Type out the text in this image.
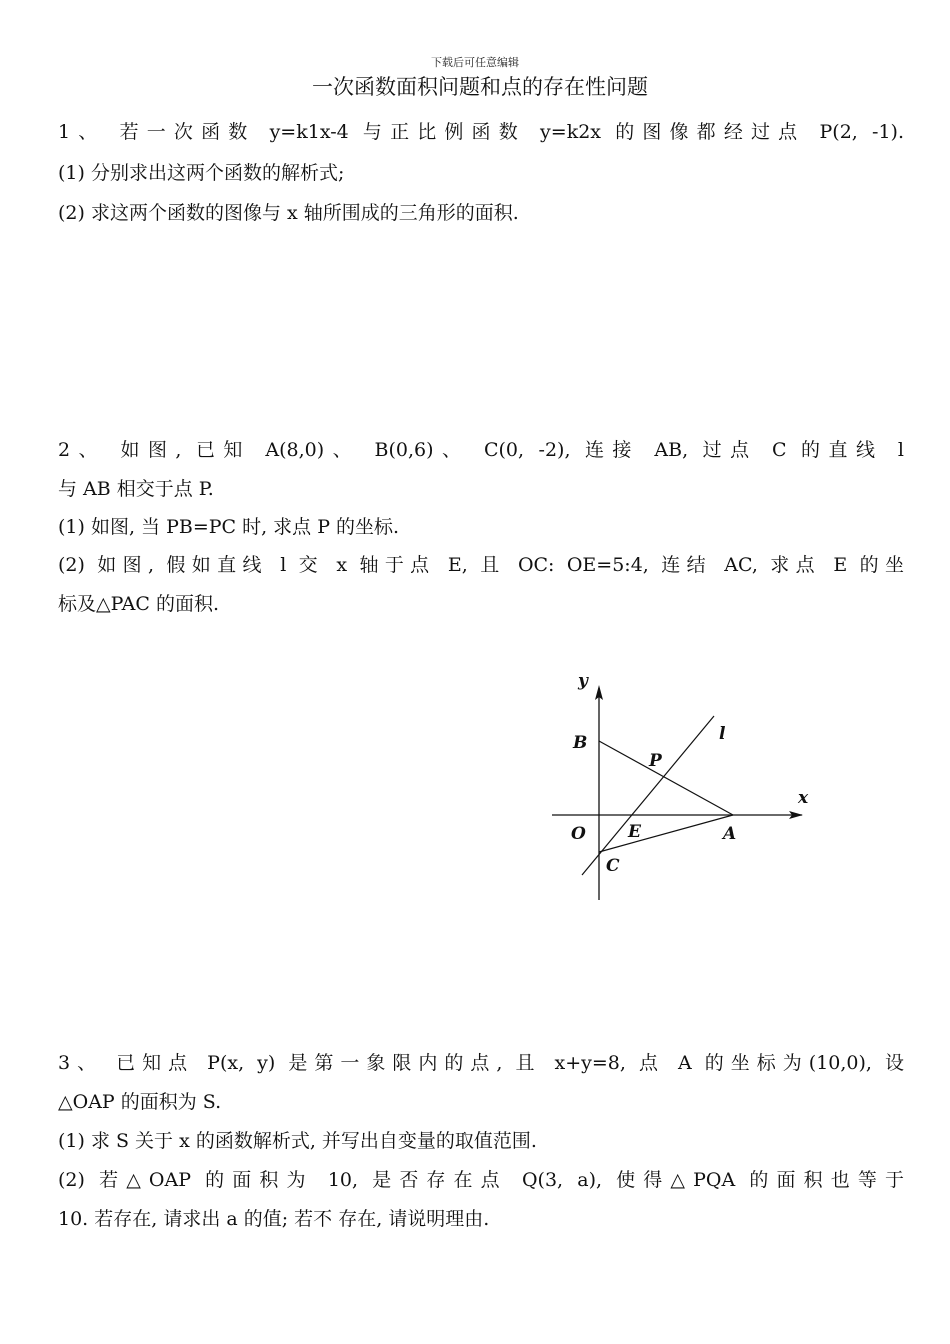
下载后可任意编辑
一次函数面积问题和点的存在性问题
1、 若一次函数 y=k1x-4 与正比例函数 y=k2x 的图像都经过点 P(2, -1).
(1) 分别求出这两个函数的解析式;
(2) 求这两个函数的图像与 x 轴所围成的三角形的面积.
2、 如图, 已知 A(8,0)、 B(0,6)、 C(0, -2), 连接 AB, 过点 C 的直线 l
与 AB 相交于点 P.
(1) 如图, 当 PB=PC 时, 求点 P 的坐标.
(2) 如图, 假如直线 l 交 x 轴于点 E, 且 OC: OE=5:4, 连结 AC, 求点 E 的坐
标及△PAC 的面积.
y
x
B
P
l
O E	A
C
3、 已知点 P(x, y) 是第一象限内的点, 且 x+y=8, 点 A 的坐标为(10,0), 设
△OAP 的面积为 S.
(1) 求 S 关于 x 的函数解析式, 并写出自变量的取值范围.
(2) 若△OAP 的面积为 10, 是否存在点 Q(3, a), 使得△PQA 的面积也等于
10. 若存在, 请求出 a 的值; 若不 存在, 请说明理由.
